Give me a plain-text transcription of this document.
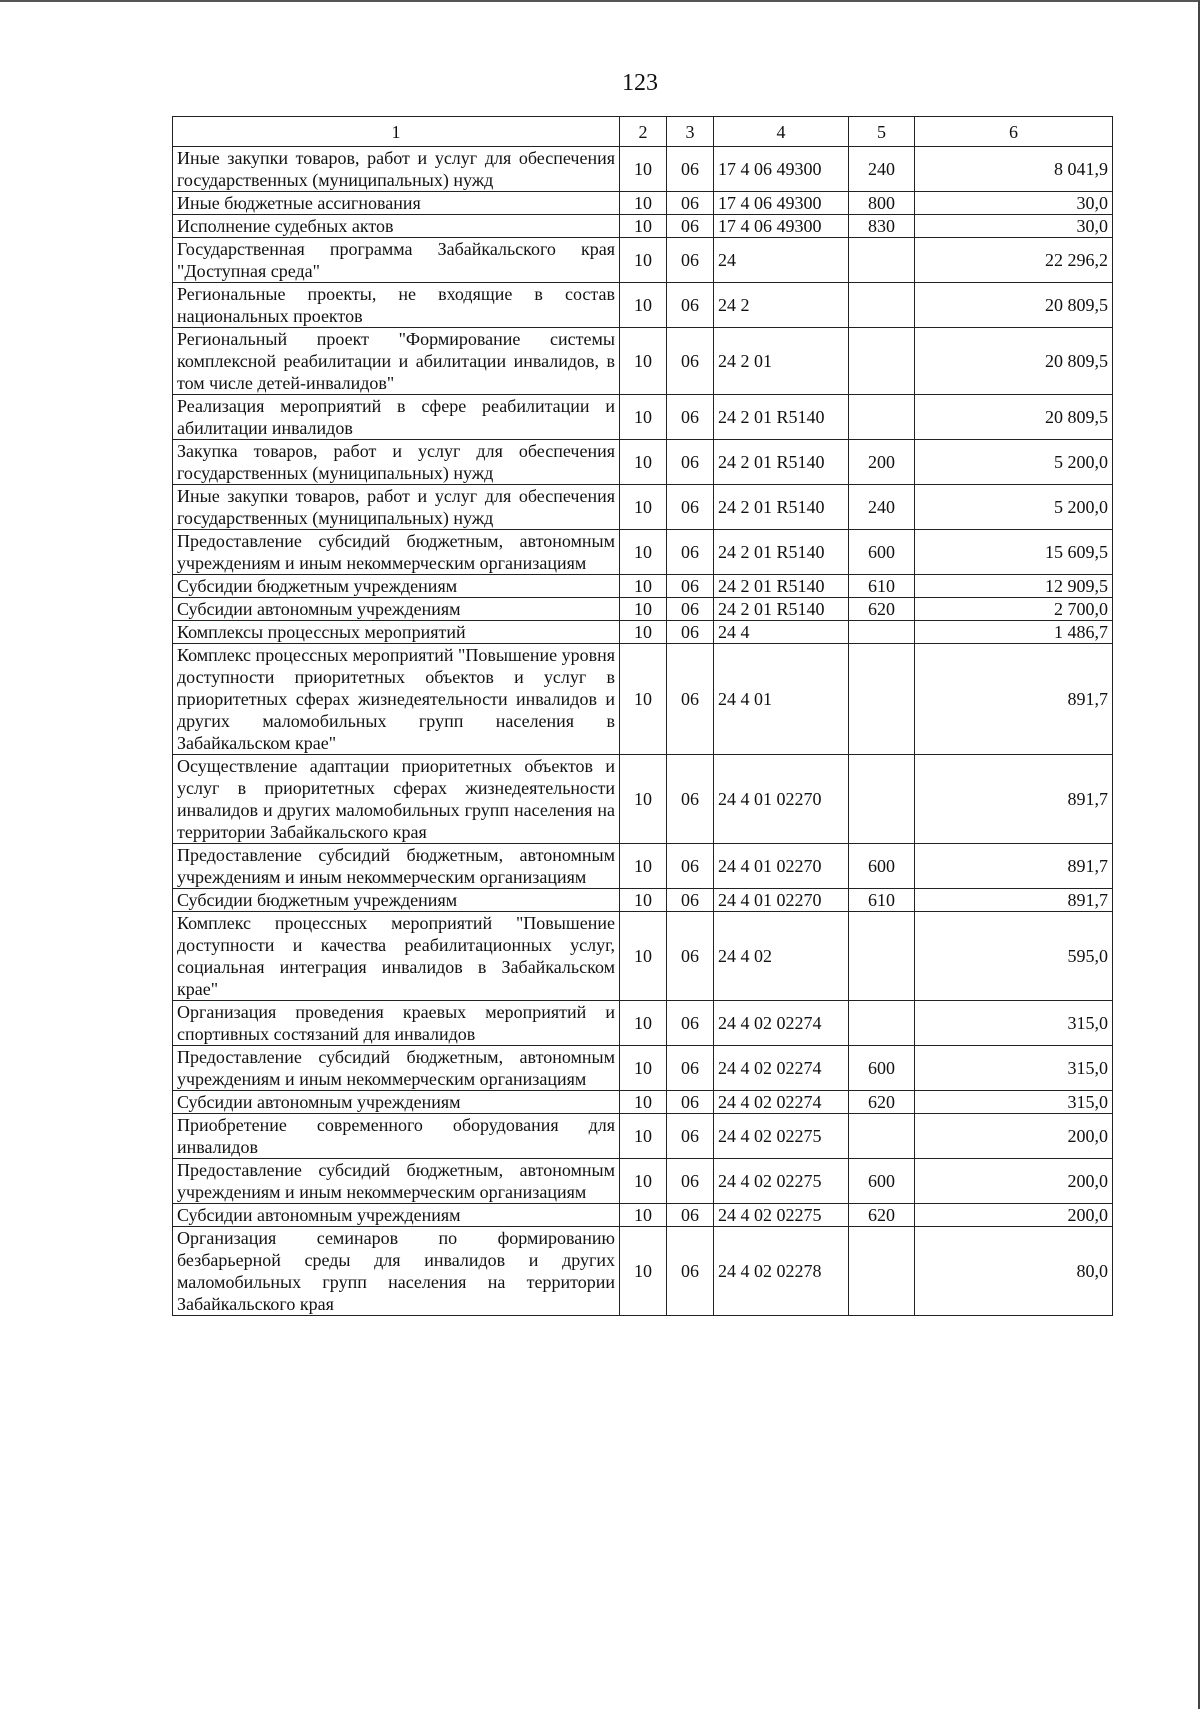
123
1	2	3	4	5	6
Иные закупки товаров, работ и услуг для обеспечения государственных (муниципальных) нужд	10	06	17 4 06 49300	240	8 041,9
Иные бюджетные ассигнования	10	06	17 4 06 49300	800	30,0
Исполнение судебных актов	10	06	17 4 06 49300	830	30,0
Государственная программа Забайкальского края "Доступная среда"	10	06	24		22 296,2
Региональные проекты, не входящие в состав национальных проектов	10	06	24 2		20 809,5
Региональный проект "Формирование системы комплексной реабилитации и абилитации инвалидов, в том числе детей-инвалидов"	10	06	24 2 01		20 809,5
Реализация мероприятий в сфере реабилитации и абилитации инвалидов	10	06	24 2 01 R5140		20 809,5
Закупка товаров, работ и услуг для обеспечения государственных (муниципальных) нужд	10	06	24 2 01 R5140	200	5 200,0
Иные закупки товаров, работ и услуг для обеспечения государственных (муниципальных) нужд	10	06	24 2 01 R5140	240	5 200,0
Предоставление субсидий бюджетным, автономным учреждениям и иным некоммерческим организациям	10	06	24 2 01 R5140	600	15 609,5
Субсидии бюджетным учреждениям	10	06	24 2 01 R5140	610	12 909,5
Субсидии автономным учреждениям	10	06	24 2 01 R5140	620	2 700,0
Комплексы процессных мероприятий	10	06	24 4		1 486,7
Комплекс процессных мероприятий "Повышение уровня доступности приоритетных объектов и услуг в приоритетных сферах жизнедеятельности инвалидов и других маломобильных групп населения в Забайкальском крае"	10	06	24 4 01		891,7
Осуществление адаптации приоритетных объектов и услуг в приоритетных сферах жизнедеятельности инвалидов и других маломобильных групп населения на территории Забайкальского края	10	06	24 4 01 02270		891,7
Предоставление субсидий бюджетным, автономным учреждениям и иным некоммерческим организациям	10	06	24 4 01 02270	600	891,7
Субсидии бюджетным учреждениям	10	06	24 4 01 02270	610	891,7
Комплекс процессных мероприятий "Повышение доступности и качества реабилитационных услуг, социальная интеграция инвалидов в Забайкальском крае"	10	06	24 4 02		595,0
Организация проведения краевых мероприятий и спортивных состязаний для инвалидов	10	06	24 4 02 02274		315,0
Предоставление субсидий бюджетным, автономным учреждениям и иным некоммерческим организациям	10	06	24 4 02 02274	600	315,0
Субсидии автономным учреждениям	10	06	24 4 02 02274	620	315,0
Приобретение современного оборудования для инвалидов	10	06	24 4 02 02275		200,0
Предоставление субсидий бюджетным, автономным учреждениям и иным некоммерческим организациям	10	06	24 4 02 02275	600	200,0
Субсидии автономным учреждениям	10	06	24 4 02 02275	620	200,0
Организация семинаров по формированию безбарьерной среды для инвалидов и других маломобильных групп населения на территории Забайкальского края	10	06	24 4 02 02278		80,0
